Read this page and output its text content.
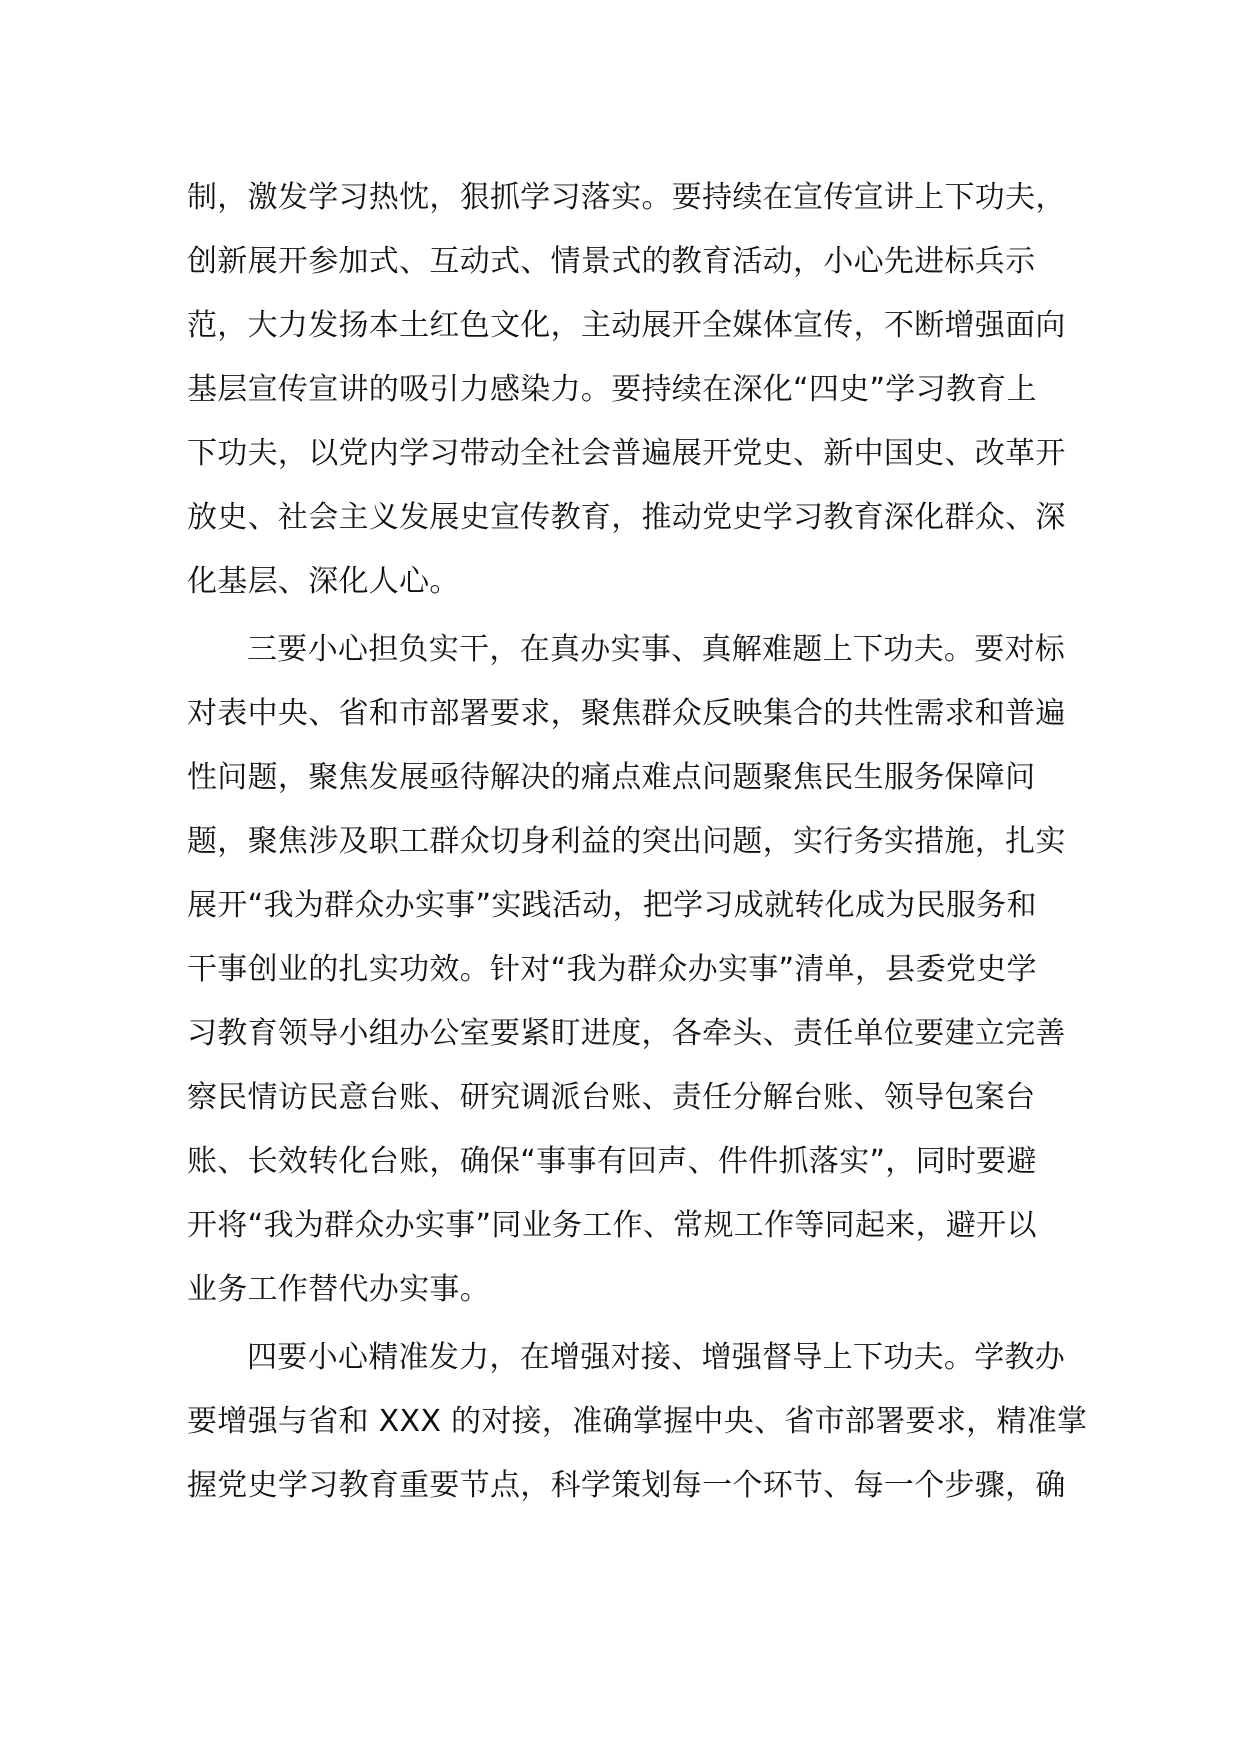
制，激发学习热忱，狠抓学习落实。要持续在宣传宣讲上下功夫，
创新展开参加式、互动式、情景式的教育活动，小心先进标兵示
范，大力发扬本土红色文化，主动展开全媒体宣传，不断增强面向
基层宣传宣讲的吸引力感染力。要持续在深化“四史”学习教育上
下功夫，以党内学习带动全社会普遍展开党史、新中国史、改革开
放史、社会主义发展史宣传教育，推动党史学习教育深化群众、深
化基层、深化人心。
三要小心担负实干，在真办实事、真解难题上下功夫。要对标
对表中央、省和市部署要求，聚焦群众反映集合的共性需求和普遍
性问题，聚焦发展亟待解决的痛点难点问题聚焦民生服务保障问
题，聚焦涉及职工群众切身利益的突出问题，实行务实措施，扎实
展开“我为群众办实事”实践活动，把学习成就转化成为民服务和
干事创业的扎实功效。针对“我为群众办实事”清单，县委党史学
习教育领导小组办公室要紧盯进度，各牵头、责任单位要建立完善
察民情访民意台账、研究调派台账、责任分解台账、领导包案台
账、长效转化台账，确保“事事有回声、件件抓落实”，同时要避
开将“我为群众办实事”同业务工作、常规工作等同起来，避开以
业务工作替代办实事。
四要小心精准发力，在增强对接、增强督导上下功夫。学教办
要增强与省和 XXX 的对接，准确掌握中央、省市部署要求，精准掌
握党史学习教育重要节点，科学策划每一个环节、每一个步骤，确
